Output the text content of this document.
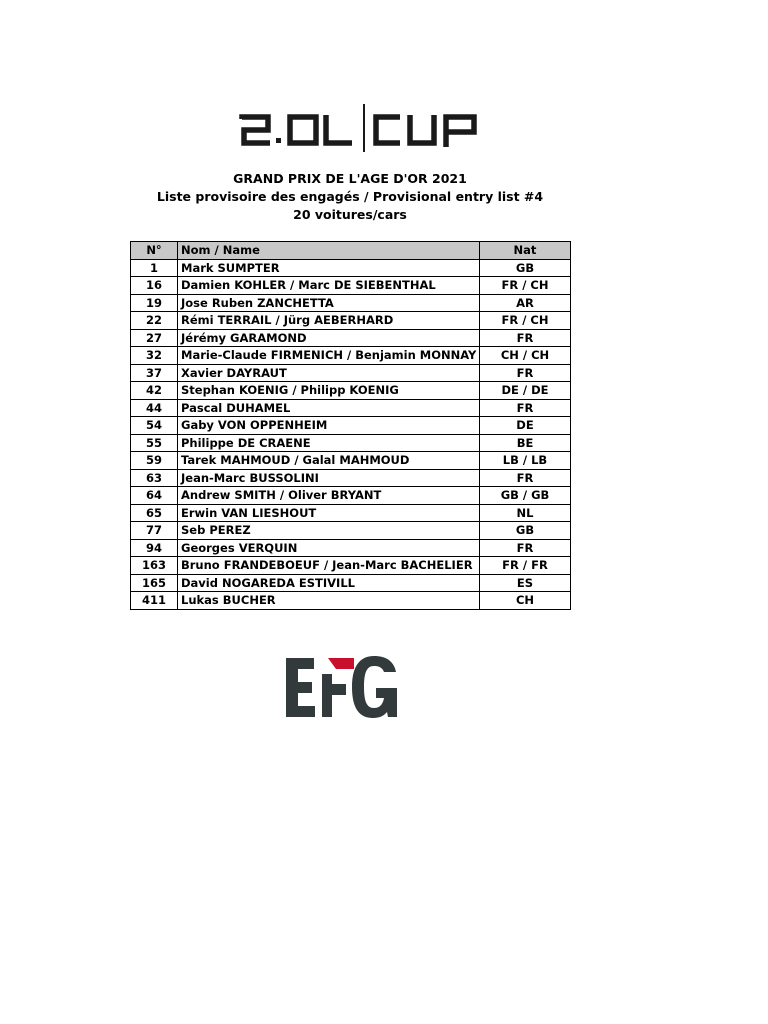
GRAND PRIX DE L'AGE D'OR 2021
Liste provisoire des engagés / Provisional entry list #4
20 voitures/cars
N°	Nom / Name	Nat
1	Mark SUMPTER	GB
16	Damien KOHLER / Marc DE SIEBENTHAL	FR / CH
19	Jose Ruben ZANCHETTA	AR
22	Rémi TERRAIL / Jürg AEBERHARD	FR / CH
27	Jérémy GARAMOND	FR
32	Marie-Claude FIRMENICH / Benjamin MONNAY	CH / CH
37	Xavier DAYRAUT	FR
42	Stephan KOENIG / Philipp KOENIG	DE / DE
44	Pascal DUHAMEL	FR
54	Gaby VON OPPENHEIM	DE
55	Philippe DE CRAENE	BE
59	Tarek MAHMOUD / Galal MAHMOUD	LB / LB
63	Jean-Marc BUSSOLINI	FR
64	Andrew SMITH / Oliver BRYANT	GB / GB
65	Erwin VAN LIESHOUT	NL
77	Seb PEREZ	GB
94	Georges VERQUIN	FR
163	Bruno FRANDEBOEUF / Jean-Marc BACHELIER	FR / FR
165	David NOGAREDA ESTIVILL	ES
411	Lukas BUCHER	CH
